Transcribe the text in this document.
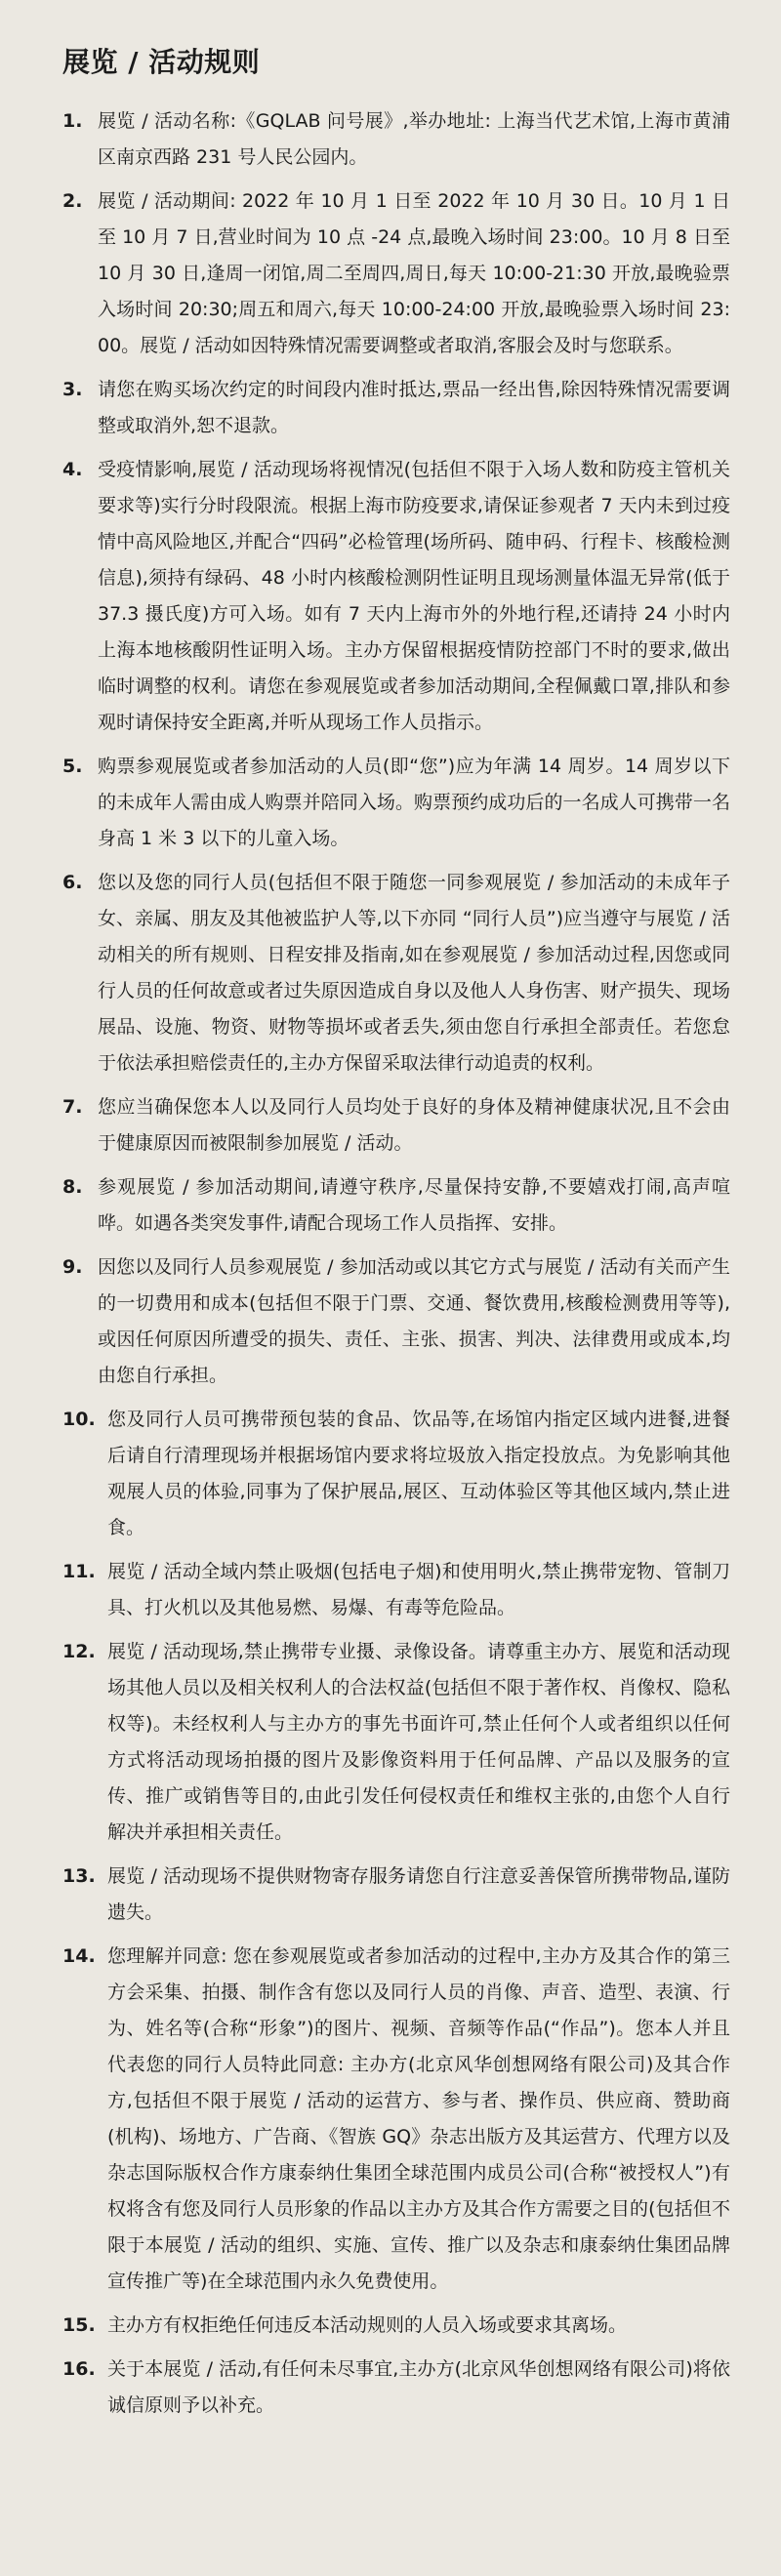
展览 / 活动规则
1. 展览 / 活动名称:《GQLAB 问号展》,举办地址: 上海当代艺术馆,上海市黄浦区南京西路 231 号人民公园内。
2. 展览 / 活动期间: 2022 年 10 月 1 日至 2022 年 10 月 30 日。10 月 1 日至 10 月 7 日,营业时间为 10 点 -24 点,最晚入场时间 23:00。10 月 8 日至 10 月 30 日,逢周一闭馆,周二至周四,周日,每天 10:00-21:30 开放,最晚验票入场时间 20:30;周五和周六,每天 10:00-24:00 开放,最晚验票入场时间 23:00。展览 / 活动如因特殊情况需要调整或者取消,客服会及时与您联系。
3. 请您在购买场次约定的时间段内准时抵达,票品一经出售,除因特殊情况需要调整或取消外,恕不退款。
4. 受疫情影响,展览 / 活动现场将视情况(包括但不限于入场人数和防疫主管机关要求等)实行分时段限流。根据上海市防疫要求,请保证参观者 7 天内未到过疫情中高风险地区,并配合“四码”必检管理(场所码、随申码、行程卡、核酸检测信息),须持有绿码、48 小时内核酸检测阴性证明且现场测量体温无异常(低于 37.3 摄氏度)方可入场。如有 7 天内上海市外的外地行程,还请持 24 小时内上海本地核酸阴性证明入场。主办方保留根据疫情防控部门不时的要求,做出临时调整的权利。请您在参观展览或者参加活动期间,全程佩戴口罩,排队和参观时请保持安全距离,并听从现场工作人员指示。
5. 购票参观展览或者参加活动的人员(即“您”)应为年满 14 周岁。14 周岁以下的未成年人需由成人购票并陪同入场。购票预约成功后的一名成人可携带一名身高 1 米 3 以下的儿童入场。
6. 您以及您的同行人员(包括但不限于随您一同参观展览 / 参加活动的未成年子女、亲属、朋友及其他被监护人等,以下亦同 “同行人员”)应当遵守与展览 / 活动相关的所有规则、日程安排及指南,如在参观展览 / 参加活动过程,因您或同行人员的任何故意或者过失原因造成自身以及他人人身伤害、财产损失、现场展品、设施、物资、财物等损坏或者丢失,须由您自行承担全部责任。若您怠于依法承担赔偿责任的,主办方保留采取法律行动追责的权利。
7. 您应当确保您本人以及同行人员均处于良好的身体及精神健康状况,且不会由于健康原因而被限制参加展览 / 活动。
8. 参观展览 / 参加活动期间,请遵守秩序,尽量保持安静,不要嬉戏打闹,高声喧哗。如遇各类突发事件,请配合现场工作人员指挥、安排。
9. 因您以及同行人员参观展览 / 参加活动或以其它方式与展览 / 活动有关而产生的一切费用和成本(包括但不限于门票、交通、餐饮费用,核酸检测费用等等),或因任何原因所遭受的损失、责任、主张、损害、判决、法律费用或成本,均由您自行承担。
10. 您及同行人员可携带预包装的食品、饮品等,在场馆内指定区域内进餐,进餐后请自行清理现场并根据场馆内要求将垃圾放入指定投放点。为免影响其他观展人员的体验,同事为了保护展品,展区、互动体验区等其他区域内,禁止进食。
11. 展览 / 活动全域内禁止吸烟(包括电子烟)和使用明火,禁止携带宠物、管制刀具、打火机以及其他易燃、易爆、有毒等危险品。
12. 展览 / 活动现场,禁止携带专业摄、录像设备。请尊重主办方、展览和活动现场其他人员以及相关权利人的合法权益(包括但不限于著作权、肖像权、隐私权等)。未经权利人与主办方的事先书面许可,禁止任何个人或者组织以任何方式将活动现场拍摄的图片及影像资料用于任何品牌、产品以及服务的宣传、推广或销售等目的,由此引发任何侵权责任和维权主张的,由您个人自行解决并承担相关责任。
13. 展览 / 活动现场不提供财物寄存服务请您自行注意妥善保管所携带物品,谨防遗失。
14. 您理解并同意: 您在参观展览或者参加活动的过程中,主办方及其合作的第三方会采集、拍摄、制作含有您以及同行人员的肖像、声音、造型、表演、行为、姓名等(合称“形象”)的图片、视频、音频等作品(“作品”)。您本人并且代表您的同行人员特此同意: 主办方(北京风华创想网络有限公司)及其合作方,包括但不限于展览 / 活动的运营方、参与者、操作员、供应商、赞助商(机构)、场地方、广告商、《智族 GQ》杂志出版方及其运营方、代理方以及杂志国际版权合作方康泰纳仕集团全球范围内成员公司(合称“被授权人”)有权将含有您及同行人员形象的作品以主办方及其合作方需要之目的(包括但不限于本展览 / 活动的组织、实施、宣传、推广以及杂志和康泰纳仕集团品牌宣传推广等)在全球范围内永久免费使用。
15. 主办方有权拒绝任何违反本活动规则的人员入场或要求其离场。
16. 关于本展览 / 活动,有任何未尽事宜,主办方(北京风华创想网络有限公司)将依诚信原则予以补充。
